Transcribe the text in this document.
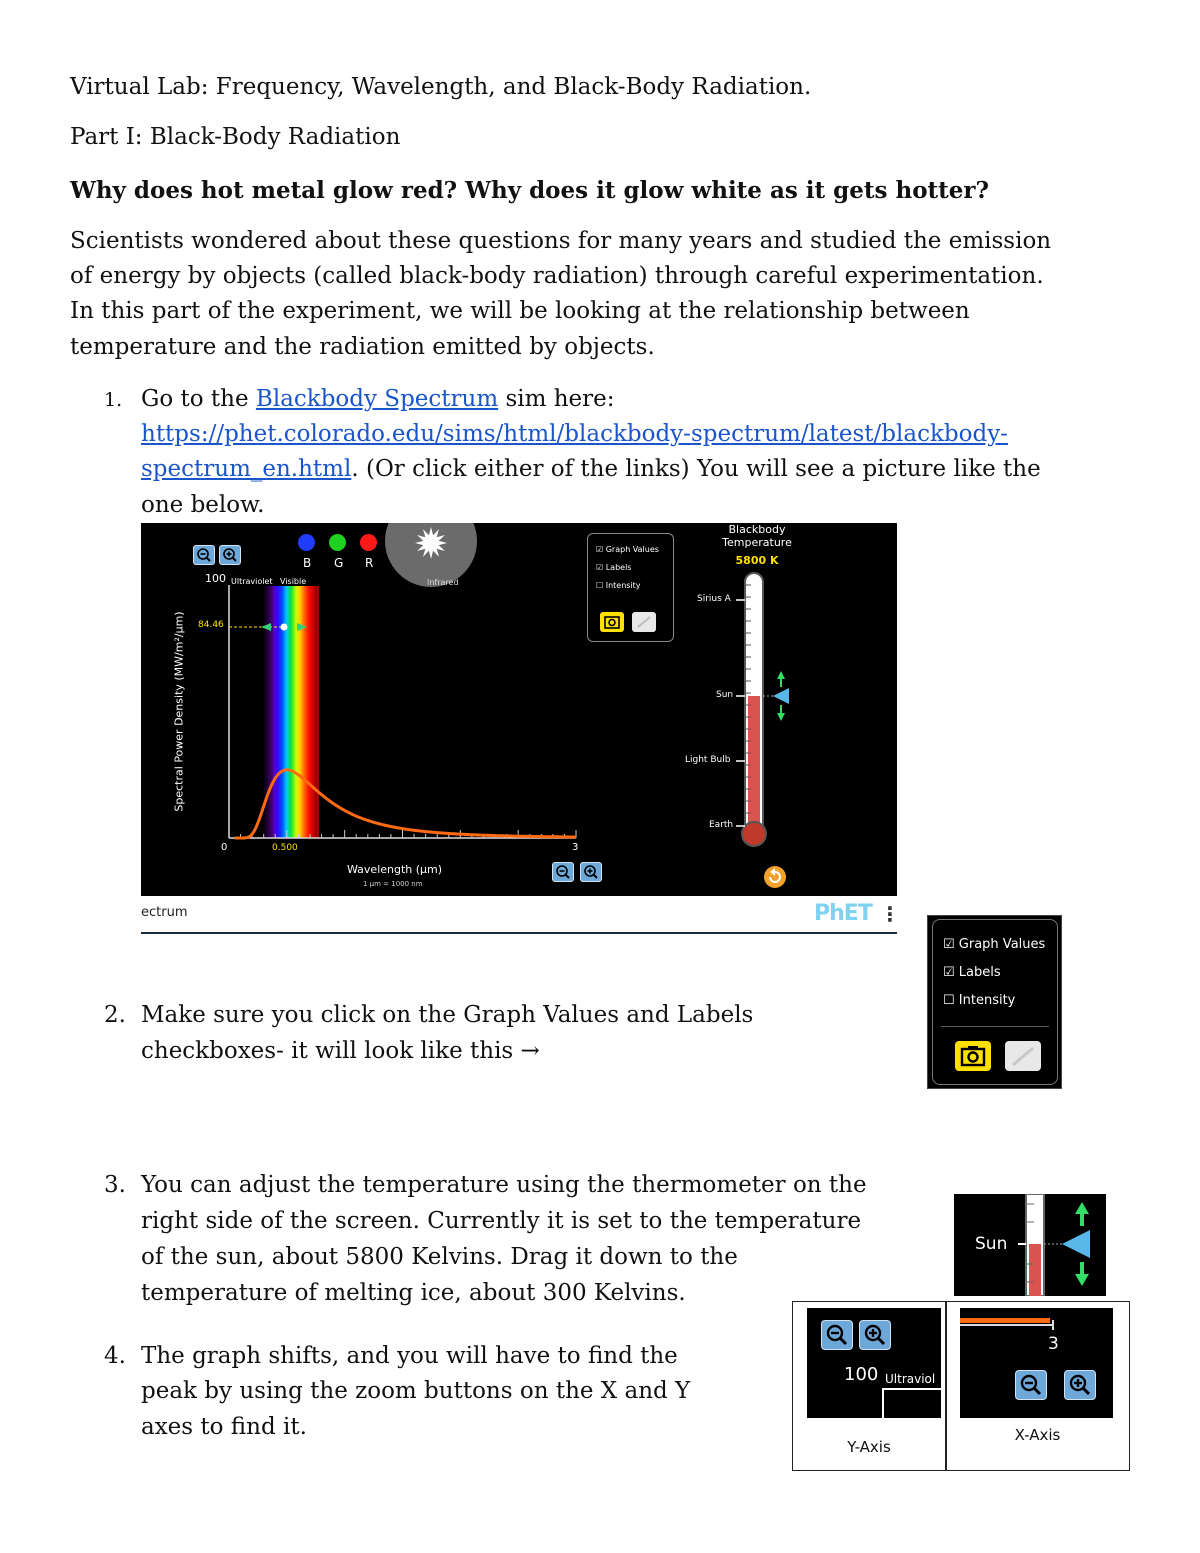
Virtual Lab: Frequency, Wavelength, and Black-Body Radiation.
Part I: Black-Body Radiation
Why does hot metal glow red? Why does it glow white as it gets hotter?
Scientists wondered about these questions for many years and studied the emission
of energy by objects (called black-body radiation) through careful experimentation.
In this part of the experiment, we will be looking at the relationship between
temperature and the radiation emitted by objects.
1. Go to the Blackbody Spectrum sim here:
https://phet.colorado.edu/sims/html/blackbody-spectrum/latest/blackbody-
spectrum_en.html. (Or click either of the links) You will see a picture like the
one below.
B G R
100 Ultraviolet Visible	Infrared
84.46
Spectral Power Density (MW/m²/μm)
0	0.500	3
Wavelength (μm)
1 μm = 1000 nm
☑ Graph Values
☑ Labels
☐ Intensity
Blackbody
Temperature
5800 K
Sirius A
Sun
Light Bulb
Earth
ectrum	PhET ⋮
2. Make sure you click on the Graph Values and Labels
checkboxes- it will look like this →
☑ Graph Values
☑ Labels
☐ Intensity
3. You can adjust the temperature using the thermometer on the
right side of the screen. Currently it is set to the temperature
of the sun, about 5800 Kelvins. Drag it down to the
temperature of melting ice, about 300 Kelvins.
Sun
4. The graph shifts, and you will have to find the
peak by using the zoom buttons on the X and Y
axes to find it.
100 Ultraviol
Y-Axis
3
X-Axis
